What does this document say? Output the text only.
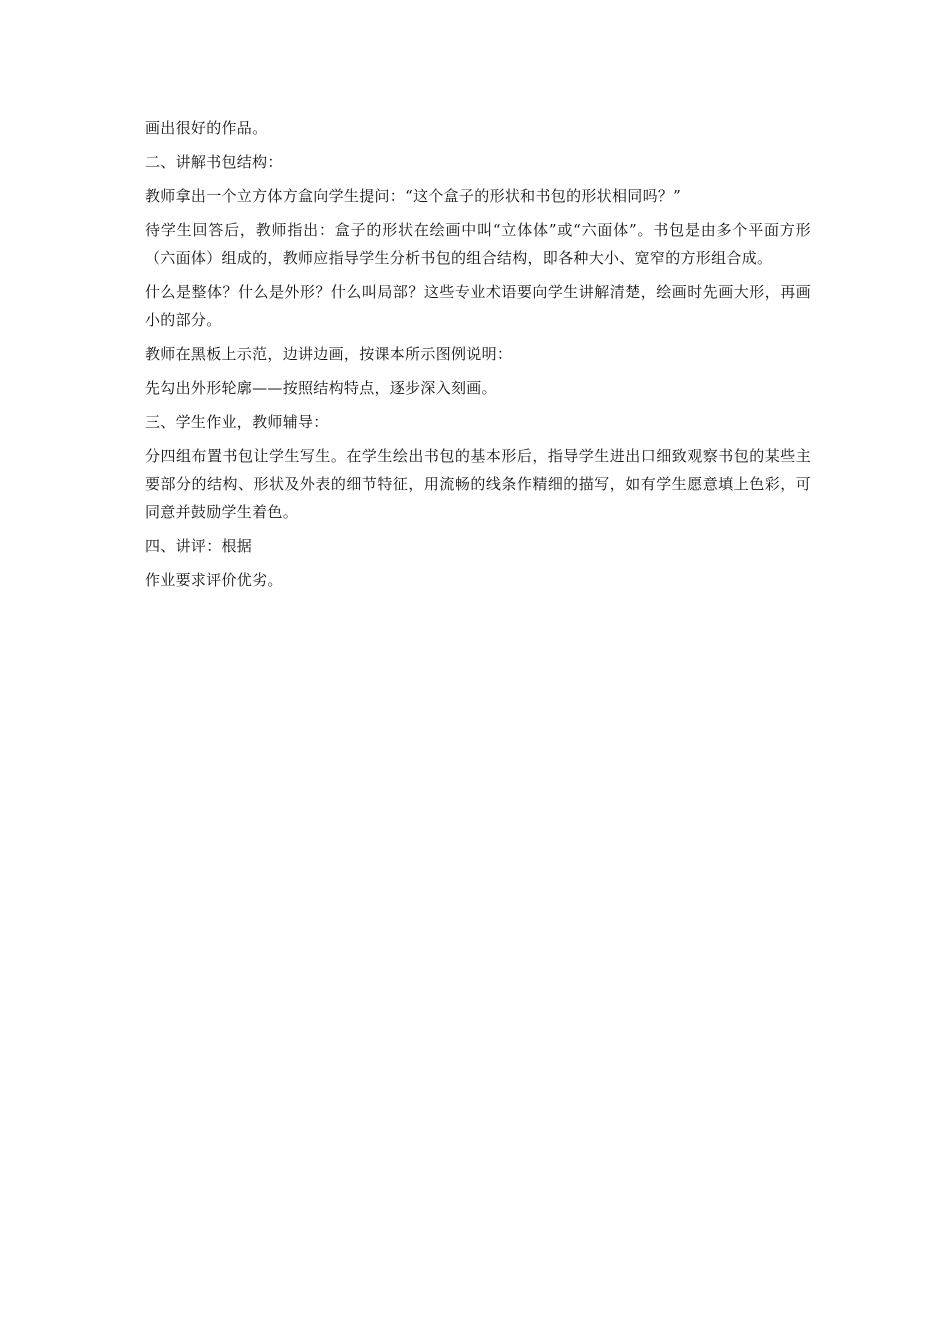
画出很好的作品。

二、讲解书包结构：

教师拿出一个立方体方盒向学生提问：“这个盒子的形状和书包的形状相同吗？”

待学生回答后，教师指出：盒子的形状在绘画中叫“立体体”或“六面体”。书包是由多个平面方形（六面体）组成的，教师应指导学生分析书包的组合结构，即各种大小、宽窄的方形组合成。

什么是整体？什么是外形？什么叫局部？这些专业术语要向学生讲解清楚，绘画时先画大形，再画小的部分。

教师在黑板上示范，边讲边画，按课本所示图例说明：

先勾出外形轮廓——按照结构特点，逐步深入刻画。

三、学生作业，教师辅导：

分四组布置书包让学生写生。在学生绘出书包的基本形后，指导学生进出口细致观察书包的某些主要部分的结构、形状及外表的细节特征，用流畅的线条作精细的描写，如有学生愿意填上色彩，可同意并鼓励学生着色。

四、讲评：根据

作业要求评价优劣。
